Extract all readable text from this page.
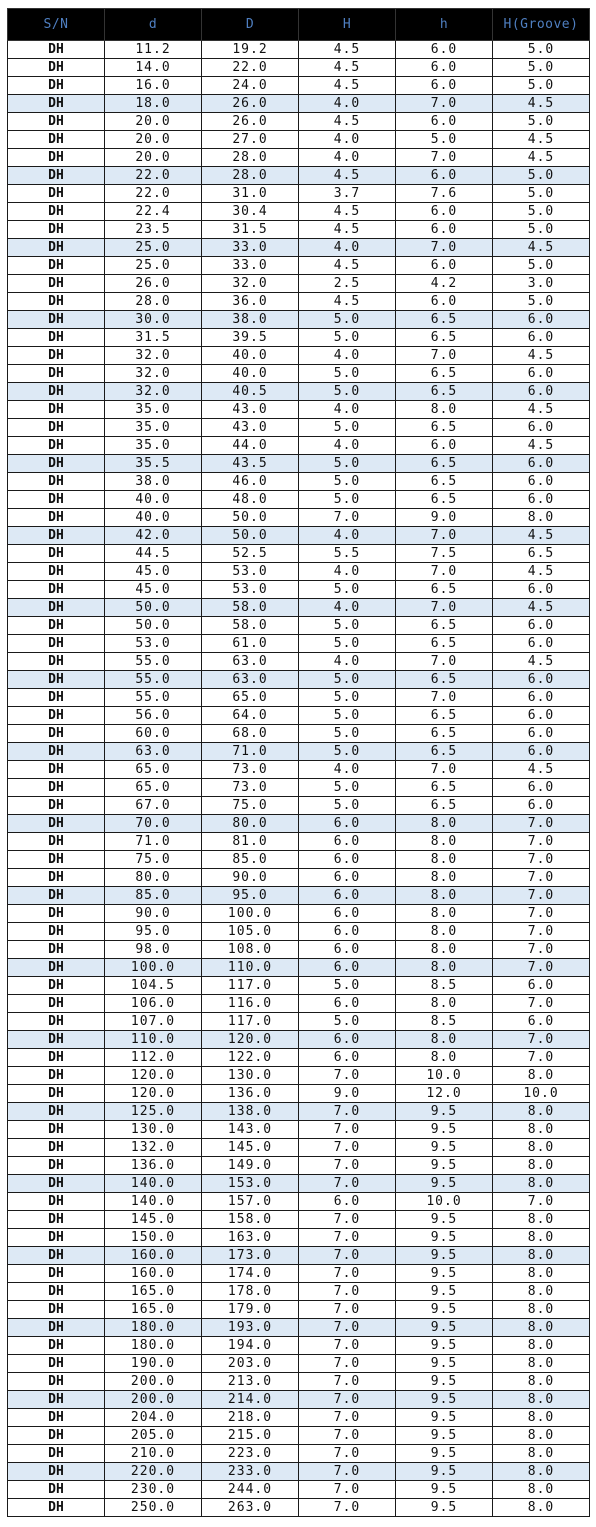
S/N	d	D	H	h	H(Groove)
DH	11.2	19.2	4.5	6.0	5.0
DH	14.0	22.0	4.5	6.0	5.0
DH	16.0	24.0	4.5	6.0	5.0
DH	18.0	26.0	4.0	7.0	4.5
DH	20.0	26.0	4.5	6.0	5.0
DH	20.0	27.0	4.0	5.0	4.5
DH	20.0	28.0	4.0	7.0	4.5
DH	22.0	28.0	4.5	6.0	5.0
DH	22.0	31.0	3.7	7.6	5.0
DH	22.4	30.4	4.5	6.0	5.0
DH	23.5	31.5	4.5	6.0	5.0
DH	25.0	33.0	4.0	7.0	4.5
DH	25.0	33.0	4.5	6.0	5.0
DH	26.0	32.0	2.5	4.2	3.0
DH	28.0	36.0	4.5	6.0	5.0
DH	30.0	38.0	5.0	6.5	6.0
DH	31.5	39.5	5.0	6.5	6.0
DH	32.0	40.0	4.0	7.0	4.5
DH	32.0	40.0	5.0	6.5	6.0
DH	32.0	40.5	5.0	6.5	6.0
DH	35.0	43.0	4.0	8.0	4.5
DH	35.0	43.0	5.0	6.5	6.0
DH	35.0	44.0	4.0	6.0	4.5
DH	35.5	43.5	5.0	6.5	6.0
DH	38.0	46.0	5.0	6.5	6.0
DH	40.0	48.0	5.0	6.5	6.0
DH	40.0	50.0	7.0	9.0	8.0
DH	42.0	50.0	4.0	7.0	4.5
DH	44.5	52.5	5.5	7.5	6.5
DH	45.0	53.0	4.0	7.0	4.5
DH	45.0	53.0	5.0	6.5	6.0
DH	50.0	58.0	4.0	7.0	4.5
DH	50.0	58.0	5.0	6.5	6.0
DH	53.0	61.0	5.0	6.5	6.0
DH	55.0	63.0	4.0	7.0	4.5
DH	55.0	63.0	5.0	6.5	6.0
DH	55.0	65.0	5.0	7.0	6.0
DH	56.0	64.0	5.0	6.5	6.0
DH	60.0	68.0	5.0	6.5	6.0
DH	63.0	71.0	5.0	6.5	6.0
DH	65.0	73.0	4.0	7.0	4.5
DH	65.0	73.0	5.0	6.5	6.0
DH	67.0	75.0	5.0	6.5	6.0
DH	70.0	80.0	6.0	8.0	7.0
DH	71.0	81.0	6.0	8.0	7.0
DH	75.0	85.0	6.0	8.0	7.0
DH	80.0	90.0	6.0	8.0	7.0
DH	85.0	95.0	6.0	8.0	7.0
DH	90.0	100.0	6.0	8.0	7.0
DH	95.0	105.0	6.0	8.0	7.0
DH	98.0	108.0	6.0	8.0	7.0
DH	100.0	110.0	6.0	8.0	7.0
DH	104.5	117.0	5.0	8.5	6.0
DH	106.0	116.0	6.0	8.0	7.0
DH	107.0	117.0	5.0	8.5	6.0
DH	110.0	120.0	6.0	8.0	7.0
DH	112.0	122.0	6.0	8.0	7.0
DH	120.0	130.0	7.0	10.0	8.0
DH	120.0	136.0	9.0	12.0	10.0
DH	125.0	138.0	7.0	9.5	8.0
DH	130.0	143.0	7.0	9.5	8.0
DH	132.0	145.0	7.0	9.5	8.0
DH	136.0	149.0	7.0	9.5	8.0
DH	140.0	153.0	7.0	9.5	8.0
DH	140.0	157.0	6.0	10.0	7.0
DH	145.0	158.0	7.0	9.5	8.0
DH	150.0	163.0	7.0	9.5	8.0
DH	160.0	173.0	7.0	9.5	8.0
DH	160.0	174.0	7.0	9.5	8.0
DH	165.0	178.0	7.0	9.5	8.0
DH	165.0	179.0	7.0	9.5	8.0
DH	180.0	193.0	7.0	9.5	8.0
DH	180.0	194.0	7.0	9.5	8.0
DH	190.0	203.0	7.0	9.5	8.0
DH	200.0	213.0	7.0	9.5	8.0
DH	200.0	214.0	7.0	9.5	8.0
DH	204.0	218.0	7.0	9.5	8.0
DH	205.0	215.0	7.0	9.5	8.0
DH	210.0	223.0	7.0	9.5	8.0
DH	220.0	233.0	7.0	9.5	8.0
DH	230.0	244.0	7.0	9.5	8.0
DH	250.0	263.0	7.0	9.5	8.0
